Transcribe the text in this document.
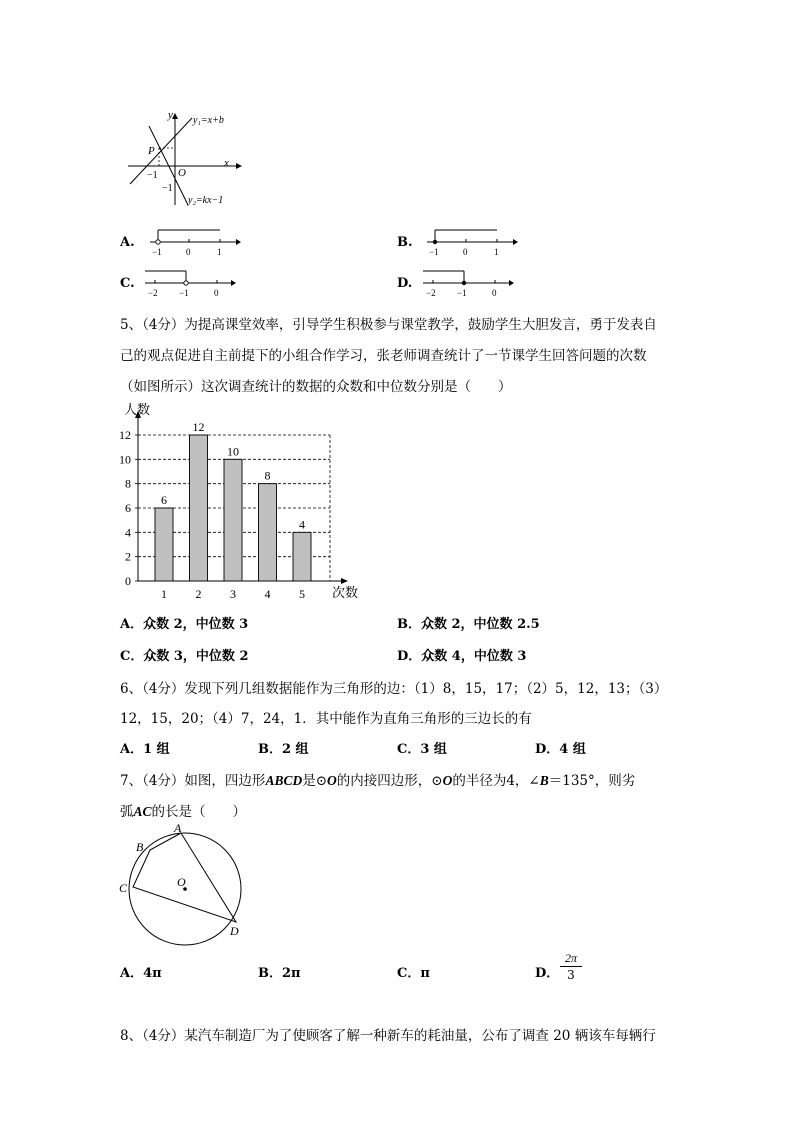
y
x
O
P
y₁=x+b
y₂=kx−1
−1
−1
A.
−1	0	1
B.
−1	0	1
C.
−2 −1	0
D.
−2 −1	0
5、（4分）为提高课堂效率，引导学生积极参与课堂教学，鼓励学生大胆发言，勇于发表自
己的观点促进自主前提下的小组合作学习，张老师调查统计了一节课学生回答问题的次数
（如图所示）这次调查统计的数据的众数和中位数分别是（　　）
0
2
4
6
8
10
12
人数
次数
6
1
12
2
10
3
8
4
4
5
A．众数 2，中位数 3	B．众数 2，中位数 2.5
C．众数 3，中位数 2	D．众数 4，中位数 3
6、（4分）发现下列几组数据能作为三角形的边：（1）8，15，17；（2）5，12，13；（3）
12，15，20；（4）7，24，1．其中能作为直角三角形的三边长的有
A．1 组	B．2 组	C．3 组	D．4 组
7、（4分）如图，四边形ABCD是⊙O的内接四边形，⊙O的半径为4，∠B＝135°，则劣
弧AC的长是（　　）
A
B
C
D
O
A．4π	B．2π	C．π	D．
2π
3
8、（4分）某汽车制造厂为了使顾客了解一种新车的耗油量，公布了调查 20 辆该车每辆行
